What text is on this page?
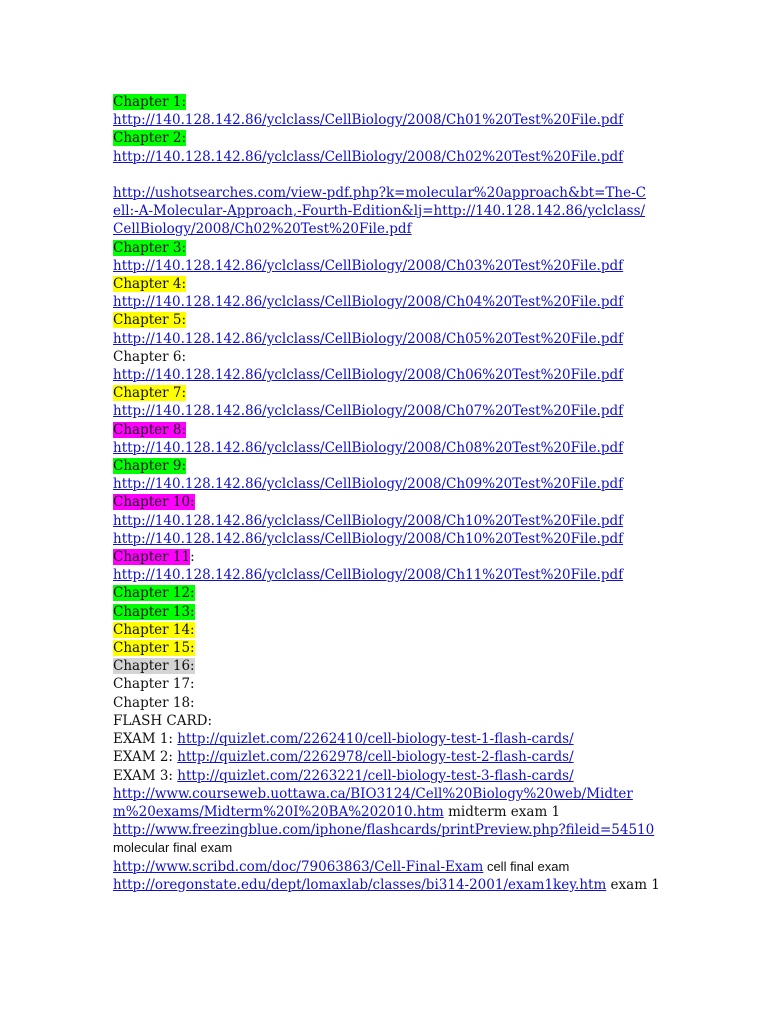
Chapter 1:
http://140.128.142.86/yclclass/CellBiology/2008/Ch01%20Test%20File.pdf
Chapter 2:
http://140.128.142.86/yclclass/CellBiology/2008/Ch02%20Test%20File.pdf
http://ushotsearches.com/view-pdf.php?k=molecular%20approach&bt=The-Cell:-A-Molecular-Approach,-Fourth-Edition&lj=http://140.128.142.86/yclclass/CellBiology/2008/Ch02%20Test%20File.pdf
Chapter 3:
http://140.128.142.86/yclclass/CellBiology/2008/Ch03%20Test%20File.pdf
Chapter 4:
http://140.128.142.86/yclclass/CellBiology/2008/Ch04%20Test%20File.pdf
Chapter 5:
http://140.128.142.86/yclclass/CellBiology/2008/Ch05%20Test%20File.pdf
Chapter 6:
http://140.128.142.86/yclclass/CellBiology/2008/Ch06%20Test%20File.pdf
Chapter 7:
http://140.128.142.86/yclclass/CellBiology/2008/Ch07%20Test%20File.pdf
Chapter 8:
http://140.128.142.86/yclclass/CellBiology/2008/Ch08%20Test%20File.pdf
Chapter 9:
http://140.128.142.86/yclclass/CellBiology/2008/Ch09%20Test%20File.pdf
Chapter 10:
http://140.128.142.86/yclclass/CellBiology/2008/Ch10%20Test%20File.pdf
http://140.128.142.86/yclclass/CellBiology/2008/Ch10%20Test%20File.pdf
Chapter 11:
http://140.128.142.86/yclclass/CellBiology/2008/Ch11%20Test%20File.pdf
Chapter 12:
Chapter 13:
Chapter 14:
Chapter 15:
Chapter 16:
Chapter 17:
Chapter 18:
FLASH CARD:
EXAM 1: http://quizlet.com/2262410/cell-biology-test-1-flash-cards/
EXAM 2: http://quizlet.com/2262978/cell-biology-test-2-flash-cards/
EXAM 3: http://quizlet.com/2263221/cell-biology-test-3-flash-cards/
http://www.courseweb.uottawa.ca/BIO3124/Cell%20Biology%20web/Midterm%20exams/Midterm%20I%20BA%202010.htm midterm exam 1
http://www.freezingblue.com/iphone/flashcards/printPreview.php?fileid=54510
molecular final exam
http://www.scribd.com/doc/79063863/Cell-Final-Exam cell final exam
http://oregonstate.edu/dept/lomaxlab/classes/bi314-2001/exam1key.htm exam 1
